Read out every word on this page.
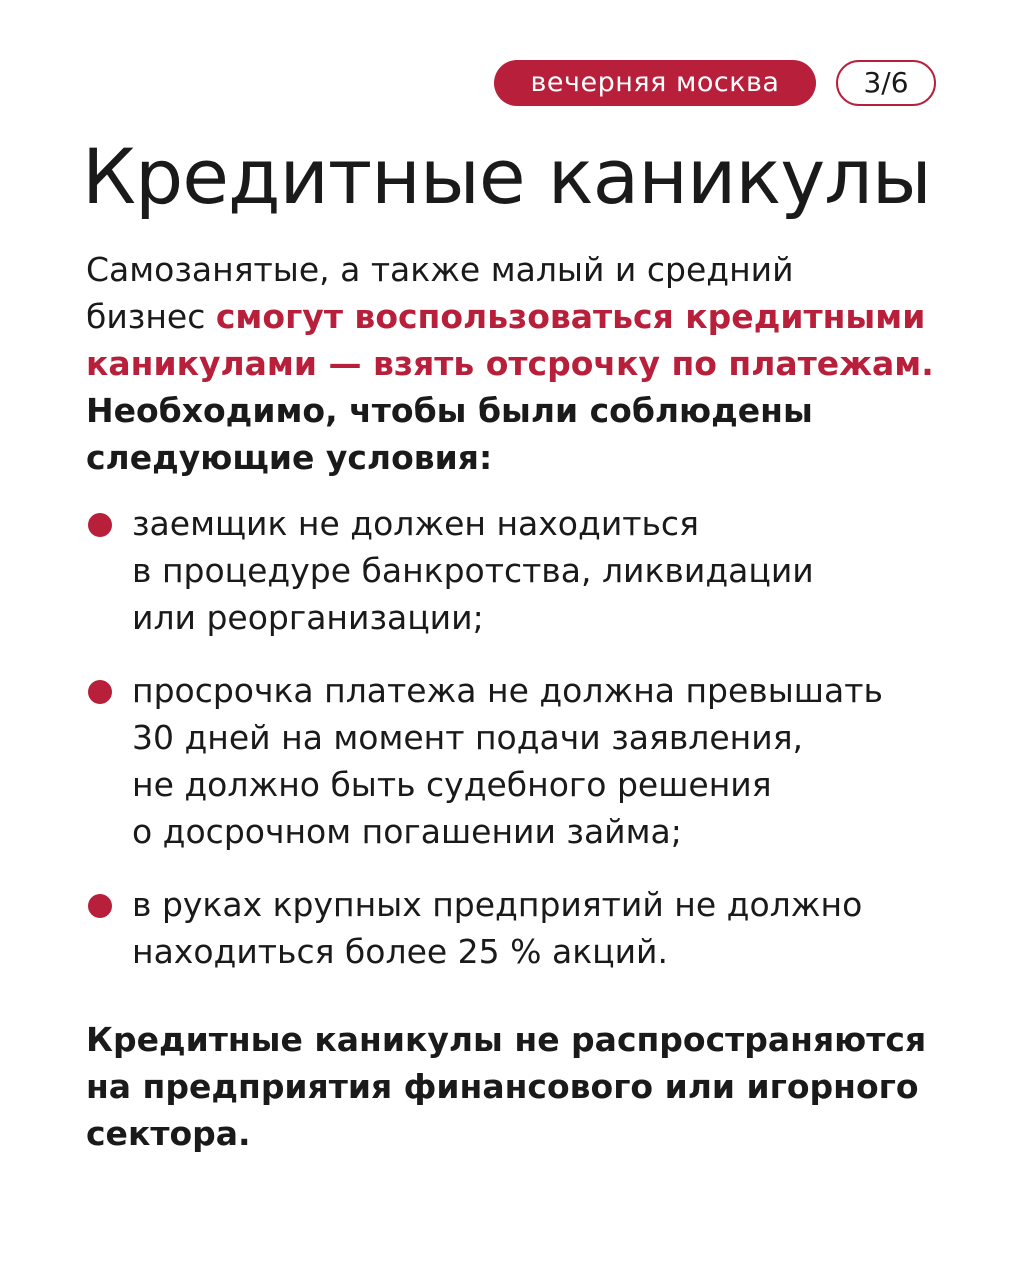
вечерняя москва	3/6
Кредитные каникулы
Самозанятые, а также малый и средний
бизнес смогут воспользоваться кредитными
каникулами — взять отсрочку по платежам.
Необходимо, чтобы были соблюдены
следующие условия:
заемщик не должен находиться
в процедуре банкротства, ликвидации
или реорганизации;
просрочка платежа не должна превышать
30 дней на момент подачи заявления,
не должно быть судебного решения
о досрочном погашении займа;
в руках крупных предприятий не должно
находиться более 25 % акций.
Кредитные каникулы не распространяются
на предприятия финансового или игорного
сектора.
